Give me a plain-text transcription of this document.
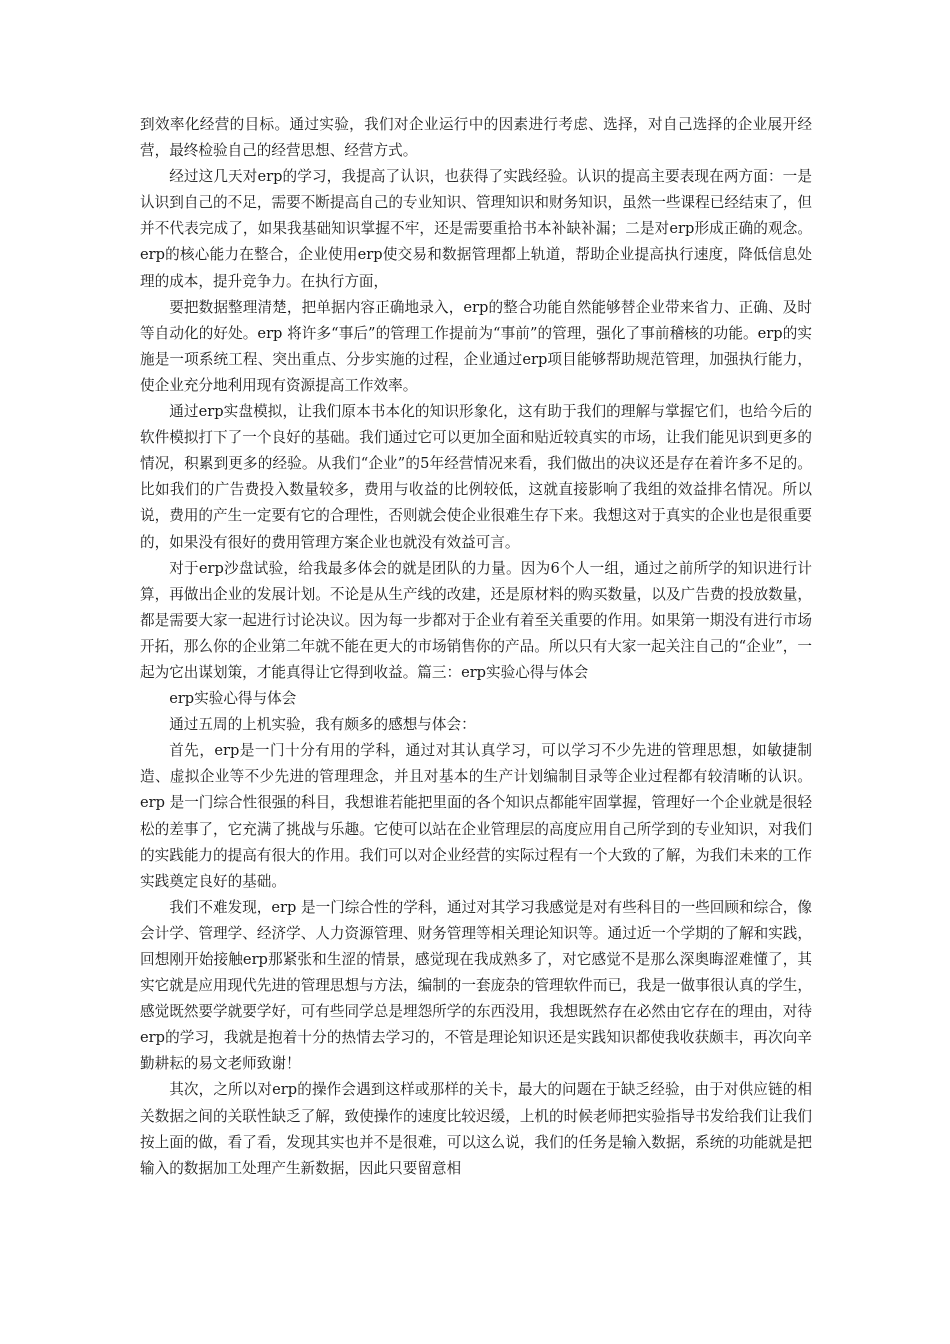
到效率化经营的目标。通过实验，我们对企业运行中的因素进行考虑、选择，对自己选择的企业展开经营，最终检验自己的经营思想、经营方式。

经过这几天对erp的学习，我提高了认识，也获得了实践经验。认识的提高主要表现在两方面：一是认识到自己的不足，需要不断提高自己的专业知识、管理知识和财务知识，虽然一些课程已经结束了，但并不代表完成了，如果我基础知识掌握不牢，还是需要重拾书本补缺补漏；二是对erp形成正确的观念。 erp的核心能力在整合，企业使用erp使交易和数据管理都上轨道，帮助企业提高执行速度，降低信息处理的成本，提升竞争力。在执行方面，

要把数据整理清楚，把单据内容正确地录入，erp的整合功能自然能够替企业带来省力、正确、及时等自动化的好处。erp 将许多“事后”的管理工作提前为“事前”的管理，强化了事前稽核的功能。erp的实施是一项系统工程、突出重点、分步实施的过程，企业通过erp项目能够帮助规范管理，加强执行能力，使企业充分地利用现有资源提高工作效率。

通过erp实盘模拟，让我们原本书本化的知识形象化，这有助于我们的理解与掌握它们，也给今后的软件模拟打下了一个良好的基础。我们通过它可以更加全面和贴近较真实的市场，让我们能见识到更多的情况，积累到更多的经验。从我们“企业”的5年经营情况来看，我们做出的决议还是存在着许多不足的。比如我们的广告费投入数量较多，费用与收益的比例较低，这就直接影响了我组的效益排名情况。所以说，费用的产生一定要有它的合理性，否则就会使企业很难生存下来。我想这对于真实的企业也是很重要的，如果没有很好的费用管理方案企业也就没有效益可言。

对于erp沙盘试验，给我最多体会的就是团队的力量。因为6个人一组，通过之前所学的知识进行计算，再做出企业的发展计划。不论是从生产线的改建，还是原材料的购买数量，以及广告费的投放数量，都是需要大家一起进行讨论决议。因为每一步都对于企业有着至关重要的作用。如果第一期没有进行市场开拓，那么你的企业第二年就不能在更大的市场销售你的产品。所以只有大家一起关注自己的“企业”，一起为它出谋划策，才能真得让它得到收益。篇三：erp实验心得与体会

erp实验心得与体会

通过五周的上机实验，我有颇多的感想与体会：

首先，erp是一门十分有用的学科，通过对其认真学习，可以学习不少先进的管理思想，如敏捷制造、虚拟企业等不少先进的管理理念，并且对基本的生产计划编制目录等企业过程都有较清晰的认识。erp 是一门综合性很强的科目，我想谁若能把里面的各个知识点都能牢固掌握，管理好一个企业就是很轻松的差事了，它充满了挑战与乐趣。它使可以站在企业管理层的高度应用自己所学到的专业知识，对我们的实践能力的提高有很大的作用。我们可以对企业经营的实际过程有一个大致的了解，为我们未来的工作实践奠定良好的基础。

我们不难发现，erp 是一门综合性的学科，通过对其学习我感觉是对有些科目的一些回顾和综合，像会计学、管理学、经济学、人力资源管理、财务管理等相关理论知识等。通过近一个学期的了解和实践，回想刚开始接触erp那紧张和生涩的情景，感觉现在我成熟多了，对它感觉不是那么深奥晦涩难懂了，其实它就是应用现代先进的管理思想与方法，编制的一套庞杂的管理软件而已，我是一做事很认真的学生，感觉既然要学就要学好，可有些同学总是埋怨所学的东西没用，我想既然存在必然由它存在的理由，对待erp的学习，我就是抱着十分的热情去学习的，不管是理论知识还是实践知识都使我收获颇丰，再次向辛勤耕耘的易文老师致谢！

其次，之所以对erp的操作会遇到这样或那样的关卡，最大的问题在于缺乏经验，由于对供应链的相关数据之间的关联性缺乏了解，致使操作的速度比较迟缓，上机的时候老师把实验指导书发给我们让我们按上面的做，看了看，发现其实也并不是很难，可以这么说，我们的任务是输入数据，系统的功能就是把输入的数据加工处理产生新数据，因此只要留意相
